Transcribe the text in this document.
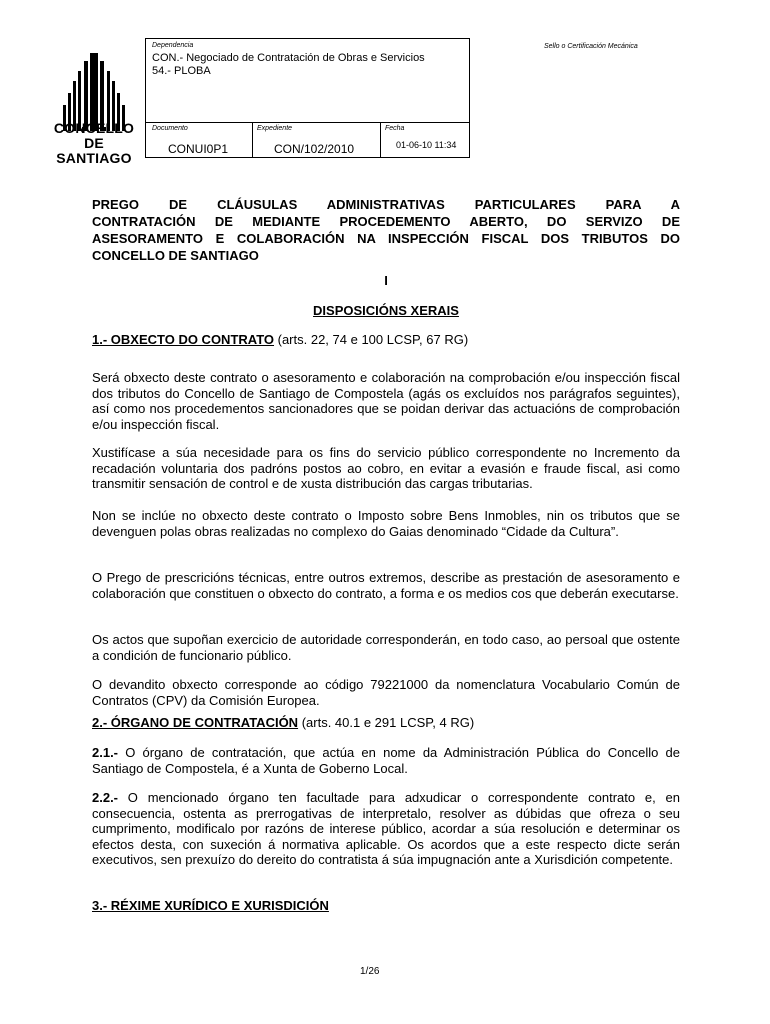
CONCELLO DE
SANTIAGO
Dependencia
CON.- Negociado de Contratación de Obras e Servicios
54.- PLOBA
Documento
CONUI0P1
Expediente
CON/102/2010
Fecha
01-06-10 11:34
Sello o Certificación Mecánica
PREGO DE CLÁUSULAS ADMINISTRATIVAS PARTICULARES PARA A
CONTRATACIÓN DE MEDIANTE PROCEDEMENTO ABERTO, DO SERVIZO DE
ASESORAMENTO E COLABORACIÓN NA INSPECCIÓN FISCAL DOS TRIBUTOS DO
CONCELLO DE SANTIAGO
I
DISPOSICIÓNS XERAIS
1.- OBXECTO DO CONTRATO (arts. 22, 74 e 100 LCSP, 67 RG)
Será obxecto deste contrato o asesoramento e colaboración na comprobación e/ou inspección fiscal dos tributos do Concello de Santiago de Compostela (agás os excluídos nos parágrafos seguintes), así como nos procedementos sancionadores que se poidan derivar das actuacións de comprobación e/ou inspección fiscal.
Xustifícase a súa necesidade para os fins do servicio público correspondente no Incremento da recadación voluntaria dos padróns postos ao cobro, en evitar a evasión e fraude fiscal, asi como transmitir sensación de control e de xusta distribución das cargas tributarias.
Non se inclúe no obxecto deste contrato o Imposto sobre Bens Inmobles, nin os tributos que se devenguen polas obras realizadas no complexo do Gaias denominado “Cidade da Cultura”.
O Prego de prescricións técnicas, entre outros extremos, describe as prestación de asesoramento e colaboración que constituen o obxecto do contrato, a forma e os medios cos que deberán executarse.
Os actos que supoñan exercicio de autoridade corresponderán, en todo caso, ao persoal que ostente a condición de funcionario público.
O devandito obxecto corresponde ao código 79221000 da nomenclatura Vocabulario Común de Contratos (CPV) da Comisión Europea.
2.- ÓRGANO DE CONTRATACIÓN (arts. 40.1 e 291 LCSP, 4 RG)
2.1.- O órgano de contratación, que actúa en nome da Administración Pública do Concello de Santiago de Compostela, é a Xunta de Goberno Local.
2.2.- O mencionado órgano ten facultade para adxudicar o correspondente contrato e, en consecuencia, ostenta as prerrogativas de interpretalo, resolver as dúbidas que ofreza o seu cumprimento, modificalo por razóns de interese público, acordar a súa resolución e determinar os efectos desta, con suxeción á normativa aplicable. Os acordos que a este respecto dicte serán executivos, sen prexuízo do dereito do contratista á súa impugnación ante a Xurisdición competente.
3.- RÉXIME XURÍDICO E XURISDICIÓN
1/26
